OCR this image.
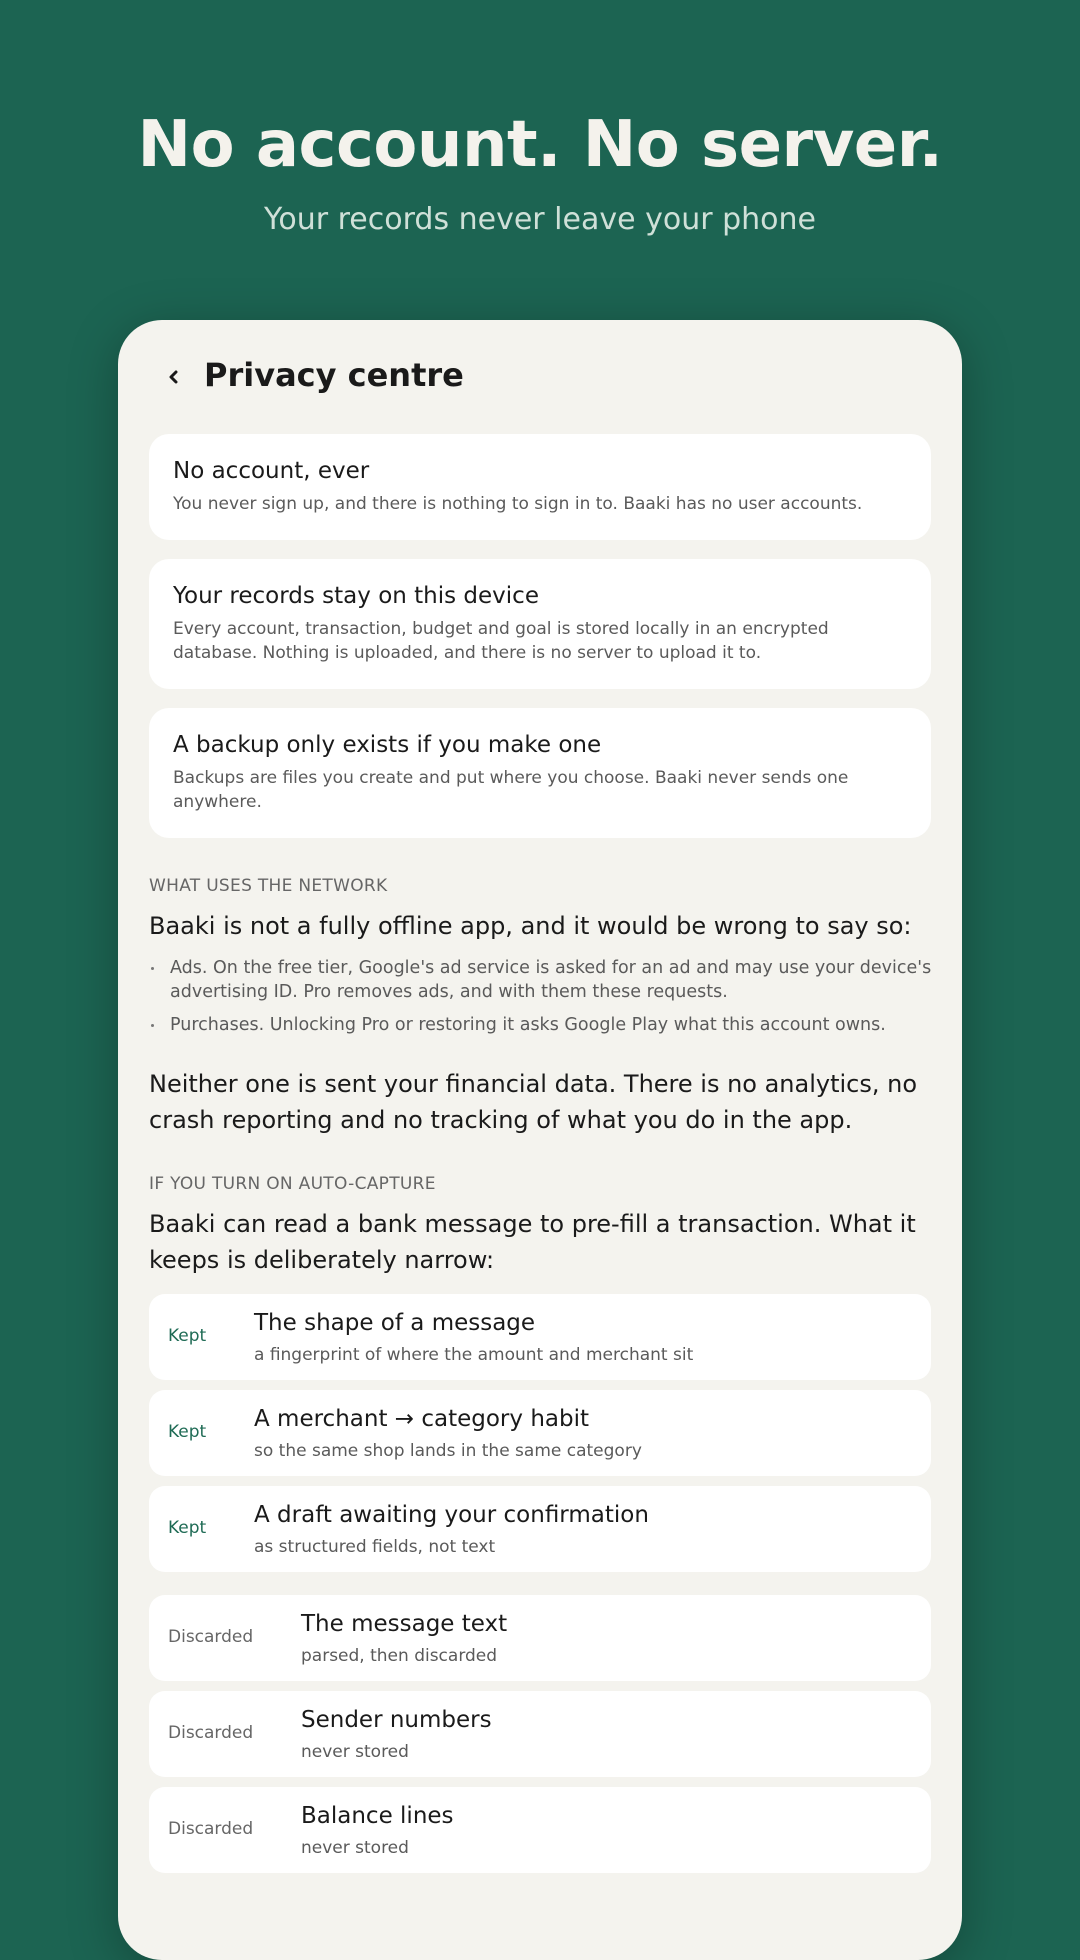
No account. No server.
Your records never leave your phone
Privacy centre
No account, ever
You never sign up, and there is nothing to sign in to. Baaki has no user accounts.
Your records stay on this device
Every account, transaction, budget and goal is stored locally in an encrypted database. Nothing is uploaded, and there is no server to upload it to.
A backup only exists if you make one
Backups are files you create and put where you choose. Baaki never sends one anywhere.
WHAT USES THE NETWORK
Baaki is not a fully offline app, and it would be wrong to say so:
Ads. On the free tier, Google's ad service is asked for an ad and may use your device's advertising ID. Pro removes ads, and with them these requests.
Purchases. Unlocking Pro or restoring it asks Google Play what this account owns.
Neither one is sent your financial data. There is no analytics, no crash reporting and no tracking of what you do in the app.
IF YOU TURN ON AUTO-CAPTURE
Baaki can read a bank message to pre-fill a transaction. What it keeps is deliberately narrow:
Kept The shape of a message
a fingerprint of where the amount and merchant sit
Kept A merchant → category habit
so the same shop lands in the same category
Kept A draft awaiting your confirmation
as structured fields, not text
Discarded The message text
parsed, then discarded
Discarded Sender numbers
never stored
Discarded Balance lines
never stored
